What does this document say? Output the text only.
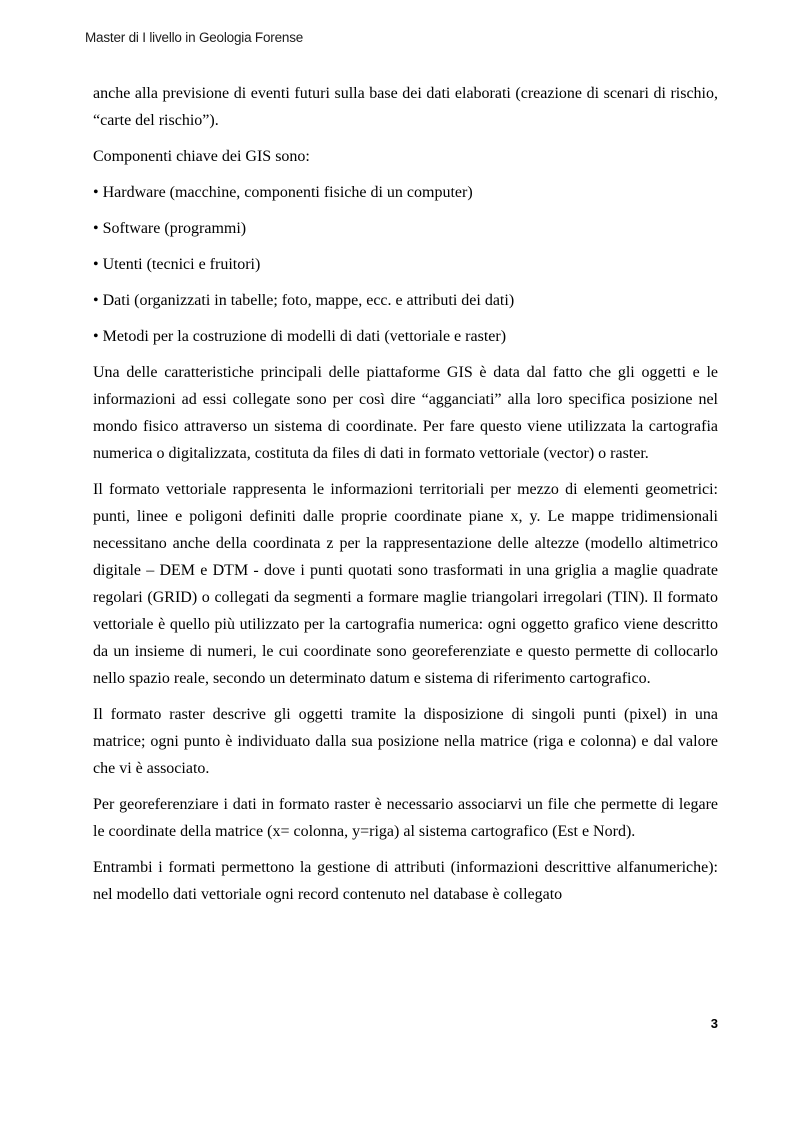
Master di I livello in Geologia Forense

anche alla previsione di eventi futuri sulla base dei dati elaborati (creazione di scenari di rischio, “carte del rischio”).

Componenti chiave dei GIS sono:

• Hardware (macchine, componenti fisiche di un computer)

• Software (programmi)

• Utenti (tecnici e fruitori)

• Dati (organizzati in tabelle; foto, mappe, ecc. e attributi dei dati)

• Metodi per la costruzione di modelli di dati (vettoriale e raster)

Una delle caratteristiche principali delle piattaforme GIS è data dal fatto che gli oggetti e le informazioni ad essi collegate sono per così dire “agganciati” alla loro specifica posizione nel mondo fisico attraverso un sistema di coordinate. Per fare questo viene utilizzata la cartografia numerica o digitalizzata, costituta da files di dati in formato vettoriale (vector) o raster.

Il formato vettoriale rappresenta le informazioni territoriali per mezzo di elementi geometrici: punti, linee e poligoni definiti dalle proprie coordinate piane x, y. Le mappe tridimensionali necessitano anche della coordinata z per la rappresentazione delle altezze (modello altimetrico digitale – DEM e DTM - dove i punti quotati sono trasformati in una griglia a maglie quadrate regolari (GRID) o collegati da segmenti a formare maglie triangolari irregolari (TIN). Il formato vettoriale è quello più utilizzato per la cartografia numerica: ogni oggetto grafico viene descritto da un insieme di numeri, le cui coordinate sono georeferenziate e questo permette di collocarlo nello spazio reale, secondo un determinato datum e sistema di riferimento cartografico.

Il formato raster descrive gli oggetti tramite la disposizione di singoli punti (pixel) in una matrice; ogni punto è individuato dalla sua posizione nella matrice (riga e colonna) e dal valore che vi è associato.

Per georeferenziare i dati in formato raster è necessario associarvi un file che permette di legare le coordinate della matrice (x= colonna, y=riga) al sistema cartografico (Est e Nord).

Entrambi i formati permettono la gestione di attributi (informazioni descrittive alfanumeriche): nel modello dati vettoriale ogni record contenuto nel database è collegato

3
